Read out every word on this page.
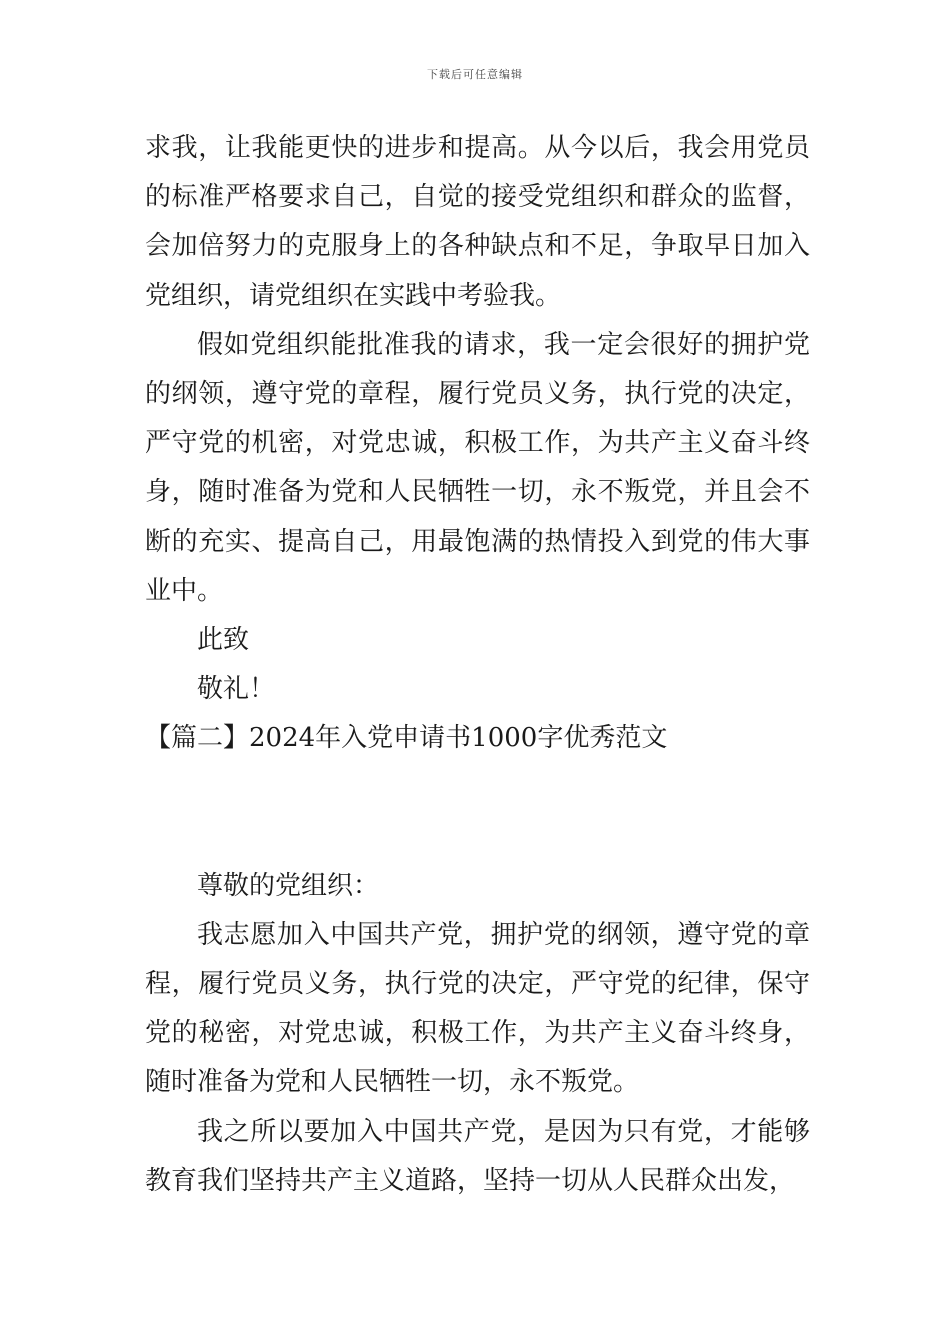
下载后可任意编辑

求我，让我能更快的进步和提高。从今以后，我会用党员的标准严格要求自己，自觉的接受党组织和群众的监督，会加倍努力的克服身上的各种缺点和不足，争取早日加入党组织，请党组织在实践中考验我。

假如党组织能批准我的请求，我一定会很好的拥护党的纲领，遵守党的章程，履行党员义务，执行党的决定，严守党的机密，对党忠诚，积极工作，为共产主义奋斗终身，随时准备为党和人民牺牲一切，永不叛党，并且会不断的充实、提高自己，用最饱满的热情投入到党的伟大事业中。

此致

敬礼！

【篇二】2024年入党申请书1000字优秀范文

尊敬的党组织：

我志愿加入中国共产党，拥护党的纲领，遵守党的章程，履行党员义务，执行党的决定，严守党的纪律，保守党的秘密，对党忠诚，积极工作，为共产主义奋斗终身，随时准备为党和人民牺牲一切，永不叛党。

我之所以要加入中国共产党，是因为只有党，才能够教育我们坚持共产主义道路，坚持一切从人民群众出发，
